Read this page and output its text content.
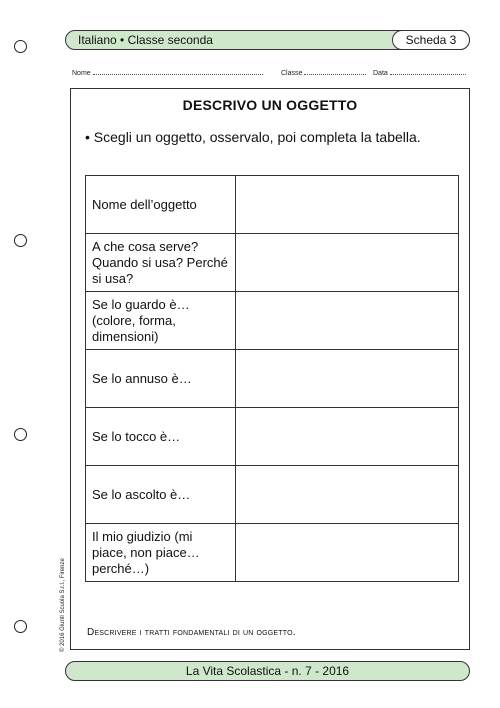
Italiano • Classe seconda	Scheda 3
Nome	Classe	Data
DESCRIVO UN OGGETTO
• Scegli un oggetto, osservalo, poi completa la tabella.
Nome dell’oggetto	
A che cosa serve? Quando si usa? Perché si usa?	
Se lo guardo è… (colore, forma, dimensioni)	
Se lo annuso è…	
Se lo tocco è…	
Se lo ascolto è…	
Il mio giudizio (mi piace, non piace… perché…)	
Descrivere i tratti fondamentali di un oggetto.
© 2016 Giunti Scuola S.r.l., Firenze
La Vita Scolastica - n. 7 - 2016
